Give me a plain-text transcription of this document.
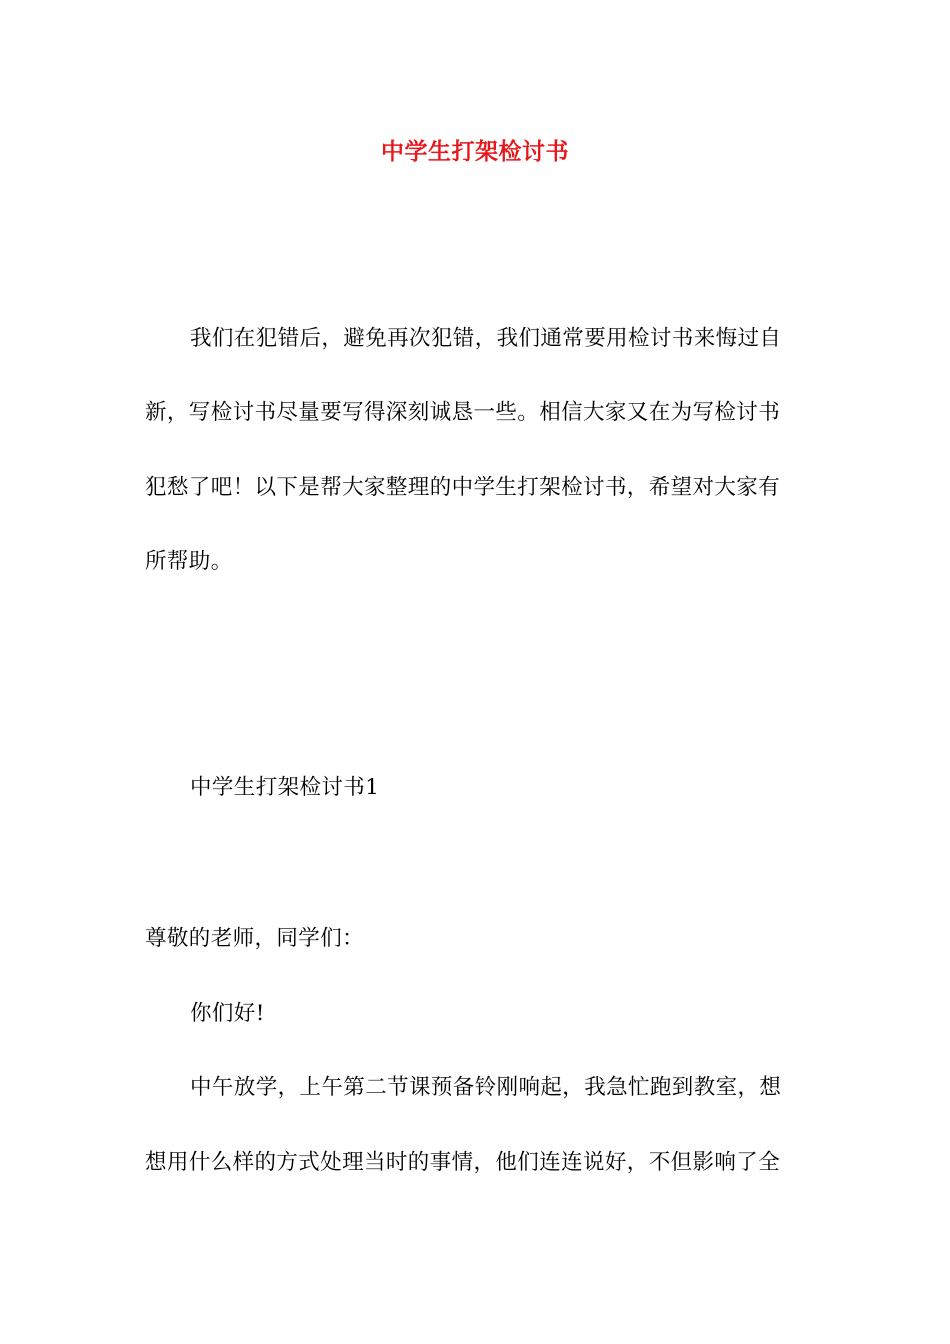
中学生打架检讨书
我们在犯错后，避免再次犯错，我们通常要用检讨书来悔过自
新，写检讨书尽量要写得深刻诚恳一些。相信大家又在为写检讨书
犯愁了吧！以下是帮大家整理的中学生打架检讨书，希望对大家有
所帮助。
中学生打架检讨书1
尊敬的老师，同学们：
你们好!
中午放学，上午第二节课预备铃刚响起，我急忙跑到教室，想
想用什么样的方式处理当时的事情，他们连连说好，不但影响了全
